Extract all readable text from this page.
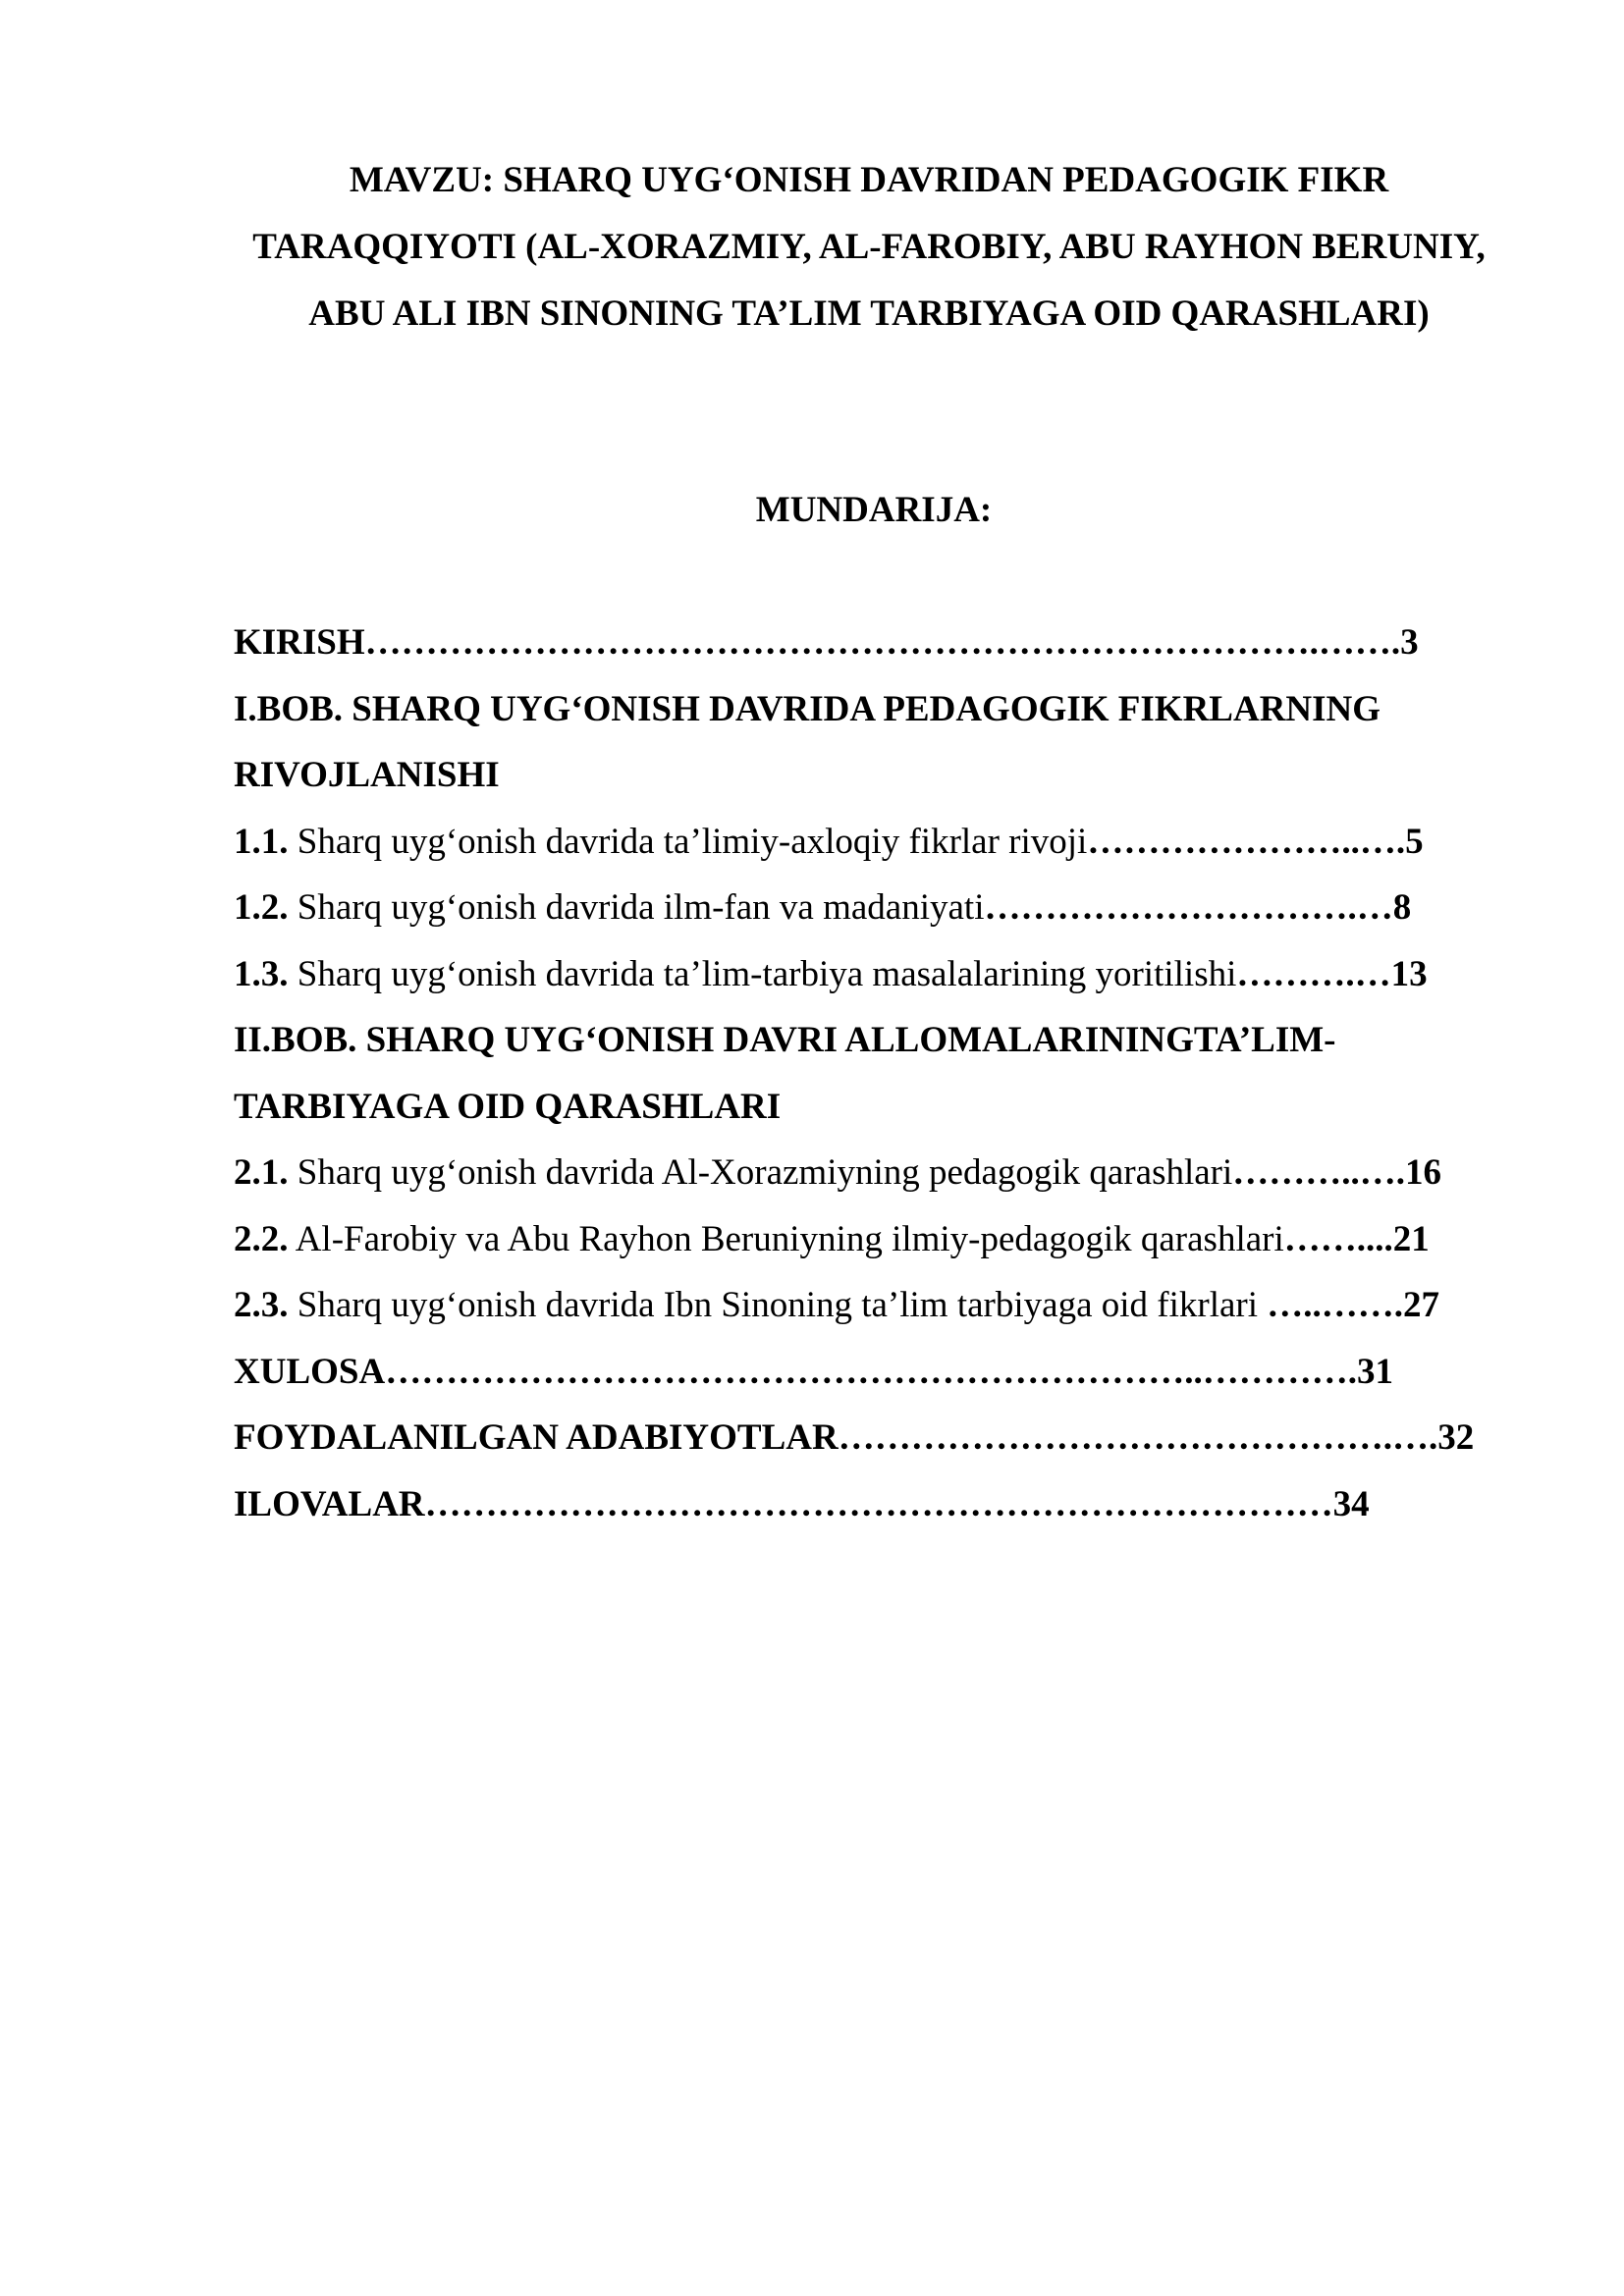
MAVZU: SHARQ UYG‘ONISH DAVRIDAN PEDAGOGIK FIKR TARAQQIYOTI (AL-XORAZMIY, AL-FAROBIY, ABU RAYHON BERUNIY, ABU ALI IBN SINONING TA’LIM TARBIYAGA OID QARASHLARI)
MUNDARIJA:
KIRISH…………………………………………………………………….…….3
I.BOB. SHARQ UYG‘ONISH DAVRIDA PEDAGOGIK FIKRLARNING RIVOJLANISHI
1.1. Sharq uyg‘onish davrida ta’limiy-axloqiy fikrlar rivoji…………………..….5
1.2. Sharq uyg‘onish davrida ilm-fan va madaniyati………………………….…8
1.3. Sharq uyg‘onish davrida ta’lim-tarbiya masalalarining yoritilishi……….…13
II.BOB. SHARQ UYG‘ONISH DAVRI ALLOMALARININGTA’LIM-TARBIYAGA OID QARASHLARI
2.1. Sharq uyg‘onish davrida Al-Xorazmiyning pedagogik qarashlari………..….16
2.2. Al-Farobiy va Abu Rayhon Beruniyning ilmiy-pedagogik qarashlari……....21
2.3. Sharq uyg‘onish davrida Ibn Sinoning ta’lim tarbiyaga oid fikrlari …..…….27
XULOSA…………………………………………………………..………….31
FOYDALANILGAN ADABIYOTLAR……………………………………….….32
ILOVALAR…………………………………………………………………34
